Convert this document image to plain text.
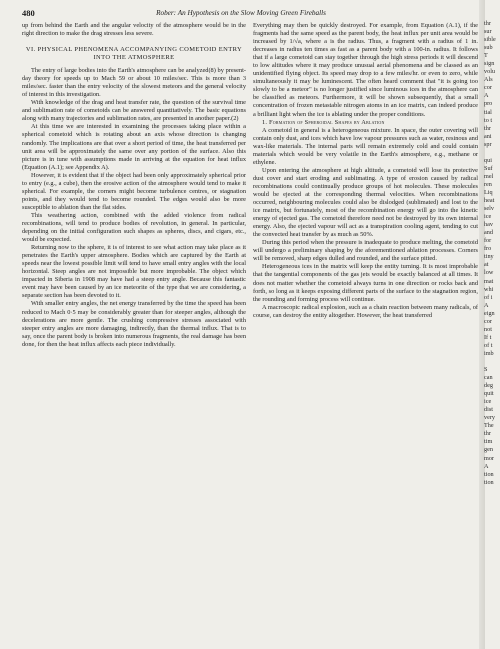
480	Rober: An Hypothesis on the Slow Moving Green Fireballs

up from behind the Earth and the angular velocity of the atmosphere would be in the right direction to make the drag stresses less severe.

VI. PHYSICAL PHENOMENA ACCOMPANYING COMETOID ENTRY INTO THE ATMOSPHERE

The entry of large bodies into the Earth's atmosphere can be analyzed(8) by present-day theory for speeds up to Mach 59 or about 10 miles/sec. This is more than 3 miles/sec. faster than the entry velocity of the slowest meteors and the general velocity of interest in this investigation.

With knowledge of the drag and heat transfer rate, the question of the survival time and sublimation rate of cometoids can be answered quantitatively. The basic equations along with many trajectories and sublimation rates, are presented in another paper.(2)

At this time we are interested in examining the processes taking place within a spherical cometoid which is rotating about an axis whose direction is changing randomly. The implications are that over a short period of time, the heat transferred per unit area will be approximately the same over any portion of the surface. Also this picture is in tune with assumptions made in arriving at the equation for heat influx (Equation (A.1); see Appendix A).

However, it is evident that if the object had been only approximately spherical prior to entry (e.g., a cube), then the erosive action of the atmosphere would tend to make it spherical. For example, the corners might become turbulence centres, or stagnation points, and they would tend to become rounded. The edges would also be more susceptible to ablation than the flat sides.

This weathering action, combined with the added violence from radical recombinations, will tend to produce bodies of revolution, in general. In particular, depending on the initial configuration such shapes as spheres, discs, and cigars, etc., would be expected.

Returning now to the sphere, it is of interest to see what action may take place as it penetrates the Earth's upper atmosphere. Bodies which are captured by the Earth at speeds near the lowest possible limit will tend to have small entry angles with the local horizontal. Steep angles are not impossible but more improbable. The object which impacted in Siberia in 1908 may have had a steep entry angle. Because this fantastic event may have been caused by an ice meteorite of the type that we are considering, a separate section has been devoted to it.

With smaller entry angles, the net energy transferred by the time the speed has been reduced to Mach 0·5 may be considerably greater than for steeper angles, although the decelerations are more gentle. The crushing compressive stresses associated with steeper entry angles are more damaging, indirectly, than the thermal influx. That is to say, once the parent body is broken into numerous fragments, the real damage has been done, for then the heat influx affects each piece individually.

Everything may then be quickly destroyed. For example, from Equation (A.1), if the fragments had the same speed as the parent body, the heat influx per unit area would be increased by 1/√a, where a is the radius. Thus, a fragment with a radius of 1 in. decreases in radius ten times as fast as a parent body with a 100-in. radius. It follows that if a large cometoid can stay together through the high stress periods it will descend to low altitudes where it may produce unusual aerial phenomena and be classed as an unidentified flying object. Its speed may drop to a few miles/hr. or even to zero, while simultaneously it may be luminescent. The often heard comment that "it is going too slowly to be a meteor" is no longer justified since luminous ices in the atmosphere can be classified as meteors. Furthermore, it will be shown subsequently, that a small concentration of frozen metastable nitrogen atoms in an ice matrix, can indeed produce a brilliant light when the ice is ablating under the proper conditions.

1. Formation of Spheroidal Shapes by Ablation

A cometoid in general is a heterogeneous mixture. In space, the outer covering will contain only dust, and ices which have low vapour pressures such as water, resinous and wax-like materials. The internal parts will remain extremely cold and could contain materials which would be very volatile in the Earth's atmosphere, e.g., methane or ethylene.

Upon entering the atmosphere at high altitude, a cometoid will lose its protective dust cover and start eroding and sublimating. A type of erosion caused by radical recombinations could continually produce groups of hot molecules. These molecules would be ejected at the corresponding thermal velocities. When recombinations occurred, neighbouring molecules could also be dislodged (sublimated) and lost to the ice matrix, but fortunately, most of the recombination energy will go into the kinetic energy of ejected gas. The cometoid therefore need not be destroyed by its own internal energy. Also, the ejected vapour will act as a transpiration cooling agent, tending to cut the convected heat transfer by as much as 50%.

During this period when the pressure is inadequate to produce melting, the cometoid will undergo a preliminary shaping by the aforementioned ablation processes. Corners will be removed, sharp edges dulled and rounded, and the surface pitted.

Heterogeneous ices in the matrix will keep the entity turning. It is most improbable that the tangential components of the gas jets would be exactly balanced at all times. It does not matter whether the cometoid always turns in one direction or rocks back and forth, so long as it keeps exposing different parts of the surface to the stagnation region, the rounding and forming process will continue.

A macroscopic radical explosion, such as a chain reaction between many radicals, of course, can destroy the entity altogether. However, the heat transferred

thr
sur
sible
sub
T
sign
volu
Als
cor
A
pro
tial
to t
thr
ani
spr

qui
Suf
mel
ren
Liq
heat
selv
ice
hav
and
for
fro
tiny
at
low
mat
whi
of i
A
eign
cor
not
If t
of t
imb

S
can
deg
quit
ice
dist
very
The
thr
tim
gen
mor
A
tion
tion
